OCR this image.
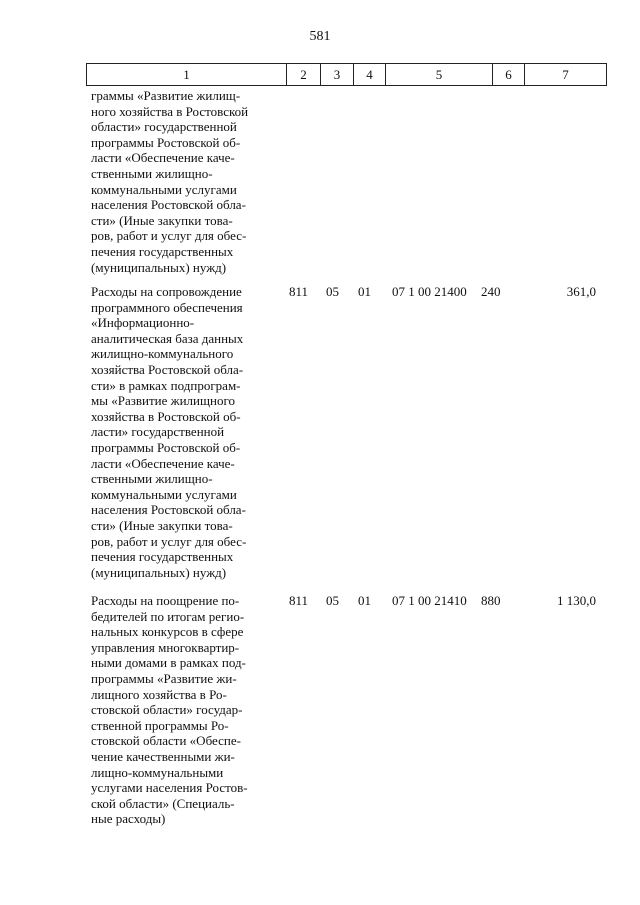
581
1	2	3	4	5	6	7
граммы «Развитие жилищ-
ного хозяйства в Ростовской
области» государственной
программы Ростовской об-
ласти «Обеспечение каче-
ственными жилищно-
коммунальными услугами
населения Ростовской обла-
сти» (Иные закупки това-
ров, работ и услуг для обес-
печения государственных
(муниципальных) нужд)
Расходы на сопровождение
программного обеспечения
«Информационно-
аналитическая база данных
жилищно-коммунального
хозяйства Ростовской обла-
сти» в рамках подпрограм-
мы «Развитие жилищного
хозяйства в Ростовской об-
ласти» государственной
программы Ростовской об-
ласти «Обеспечение каче-
ственными жилищно-
коммунальными услугами
населения Ростовской обла-
сти» (Иные закупки това-
ров, работ и услуг для обес-
печения государственных
(муниципальных) нужд)
811	05	01	07 1 00 21400	240	361,0
Расходы на поощрение по-
бедителей по итогам регио-
нальных конкурсов в сфере
управления многоквартир-
ными домами в рамках под-
программы «Развитие жи-
лищного хозяйства в Ро-
стовской области» государ-
ственной программы Ро-
стовской области «Обеспе-
чение качественными жи-
лищно-коммунальными
услугами населения Ростов-
ской области» (Специаль-
ные расходы)
811	05	01	07 1 00 21410	880	1 130,0
